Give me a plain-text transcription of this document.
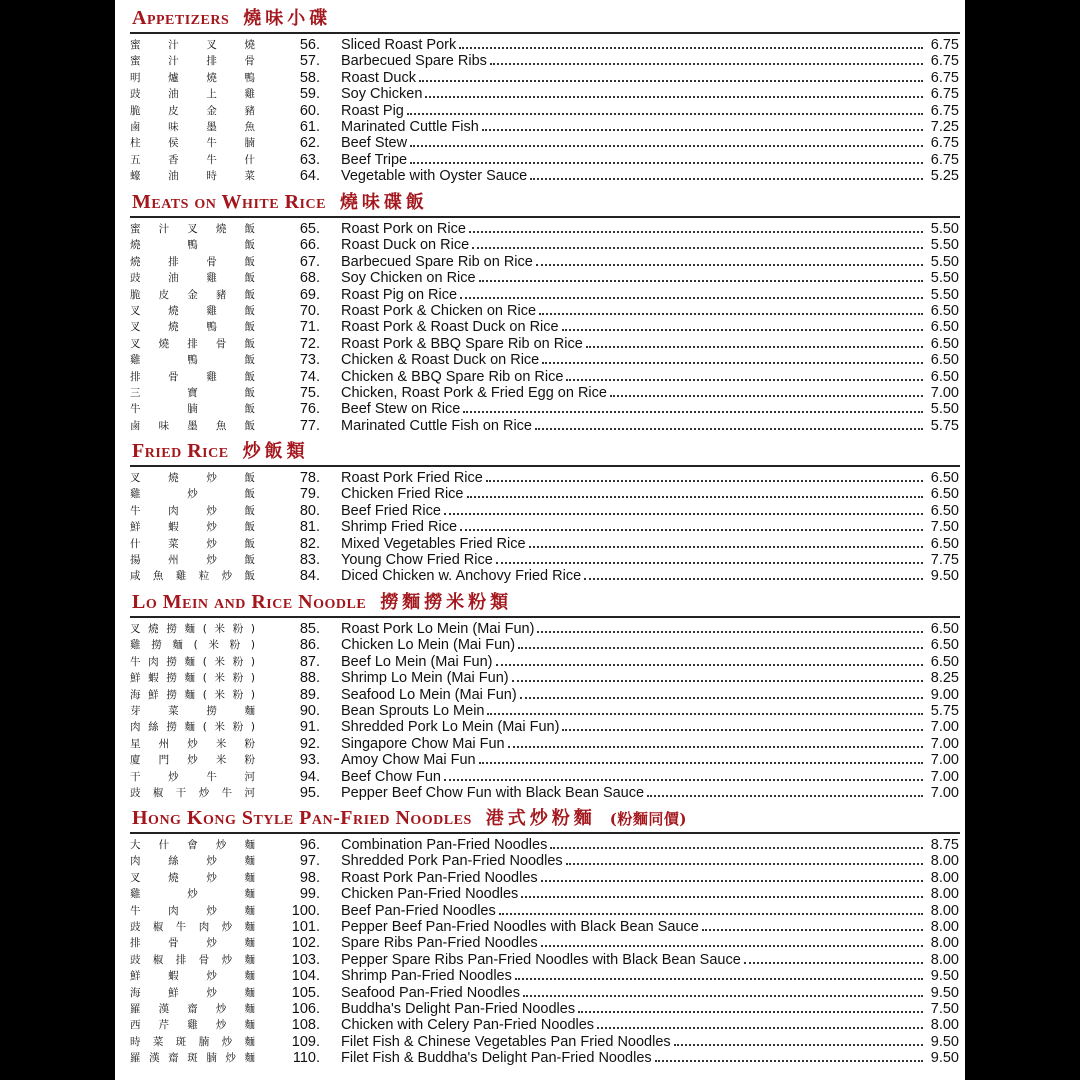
Appetizers 燒味小碟
蜜汁叉燒	56. Sliced Roast Pork	6.75
蜜汁排骨	57. Barbecued Spare Ribs	6.75
明爐燒鴨	58. Roast Duck	6.75
豉油上雞	59. Soy Chicken	6.75
脆皮金豬	60. Roast Pig	6.75
鹵味墨魚	61. Marinated Cuttle Fish	7.25
柱侯牛腩	62. Beef Stew	6.75
五香牛什	63. Beef Tripe	6.75
蠔油時菜	64. Vegetable with Oyster Sauce	5.25
Meats on White Rice 燒味碟飯
蜜汁叉燒飯	65. Roast Pork on Rice	5.50
燒鴨飯	66. Roast Duck on Rice	5.50
燒排骨飯	67. Barbecued Spare Rib on Rice	5.50
豉油雞飯	68. Soy Chicken on Rice	5.50
脆皮金豬飯	69. Roast Pig on Rice	5.50
叉燒雞飯	70. Roast Pork & Chicken on Rice	6.50
叉燒鴨飯	71. Roast Pork & Roast Duck on Rice	6.50
叉燒排骨飯	72. Roast Pork & BBQ Spare Rib on Rice	6.50
雞鴨飯	73. Chicken & Roast Duck on Rice	6.50
排骨雞飯	74. Chicken & BBQ Spare Rib on Rice	6.50
三寶飯	75. Chicken, Roast Pork & Fried Egg on Rice	7.00
牛腩飯	76. Beef Stew on Rice	5.50
鹵味墨魚飯	77. Marinated Cuttle Fish on Rice	5.75
Fried Rice 炒飯類
叉燒炒飯	78. Roast Pork Fried Rice	6.50
雞炒飯	79. Chicken Fried Rice	6.50
牛肉炒飯	80. Beef Fried Rice	6.50
鮮蝦炒飯	81. Shrimp Fried Rice	7.50
什菜炒飯	82. Mixed Vegetables Fried Rice	6.50
揚州炒飯	83. Young Chow Fried Rice	7.75
咸魚雞粒炒飯	84. Diced Chicken w. Anchovy Fried Rice	9.50
Lo Mein and Rice Noodle 撈麵撈米粉類
叉燒撈麵(米粉)	85. Roast Pork Lo Mein (Mai Fun)	6.50
雞撈麵(米粉)	86. Chicken Lo Mein (Mai Fun)	6.50
牛肉撈麵(米粉)	87. Beef Lo Mein (Mai Fun)	6.50
鮮蝦撈麵(米粉)	88. Shrimp Lo Mein (Mai Fun)	8.25
海鮮撈麵(米粉)	89. Seafood Lo Mein (Mai Fun)	9.00
芽菜撈麵	90. Bean Sprouts Lo Mein	5.75
肉絲撈麵(米粉)	91. Shredded Pork Lo Mein (Mai Fun)	7.00
星州炒米粉	92. Singapore Chow Mai Fun	7.00
廈門炒米粉	93. Amoy Chow Mai Fun	7.00
干炒牛河	94. Beef Chow Fun	7.00
豉椒干炒牛河	95. Pepper Beef Chow Fun with Black Bean Sauce	7.00
Hong Kong Style Pan-Fried Noodles 港式炒粉麵 (粉麵同價)
大什會炒麵	96. Combination Pan-Fried Noodles	8.75
肉絲炒麵	97. Shredded Pork Pan-Fried Noodles	8.00
叉燒炒麵	98. Roast Pork Pan-Fried Noodles	8.00
雞炒麵	99. Chicken Pan-Fried Noodles	8.00
牛肉炒麵	100. Beef Pan-Fried Noodles	8.00
豉椒牛肉炒麵	101. Pepper Beef Pan-Fried Noodles with Black Bean Sauce	8.00
排骨炒麵	102. Spare Ribs Pan-Fried Noodles	8.00
豉椒排骨炒麵	103. Pepper Spare Ribs Pan-Fried Noodles with Black Bean Sauce	8.00
鮮蝦炒麵	104. Shrimp Pan-Fried Noodles	9.50
海鮮炒麵	105. Seafood Pan-Fried Noodles	9.50
羅漢齋炒麵	106. Buddha's Delight Pan-Fried Noodles	7.50
西芹雞炒麵	108. Chicken with Celery Pan-Fried Noodles	8.00
時菜斑腩炒麵	109. Filet Fish & Chinese Vegetables Pan Fried Noodles	9.50
羅漢齋斑腩炒麵	110. Filet Fish & Buddha's Delight Pan-Fried Noodles	9.50
